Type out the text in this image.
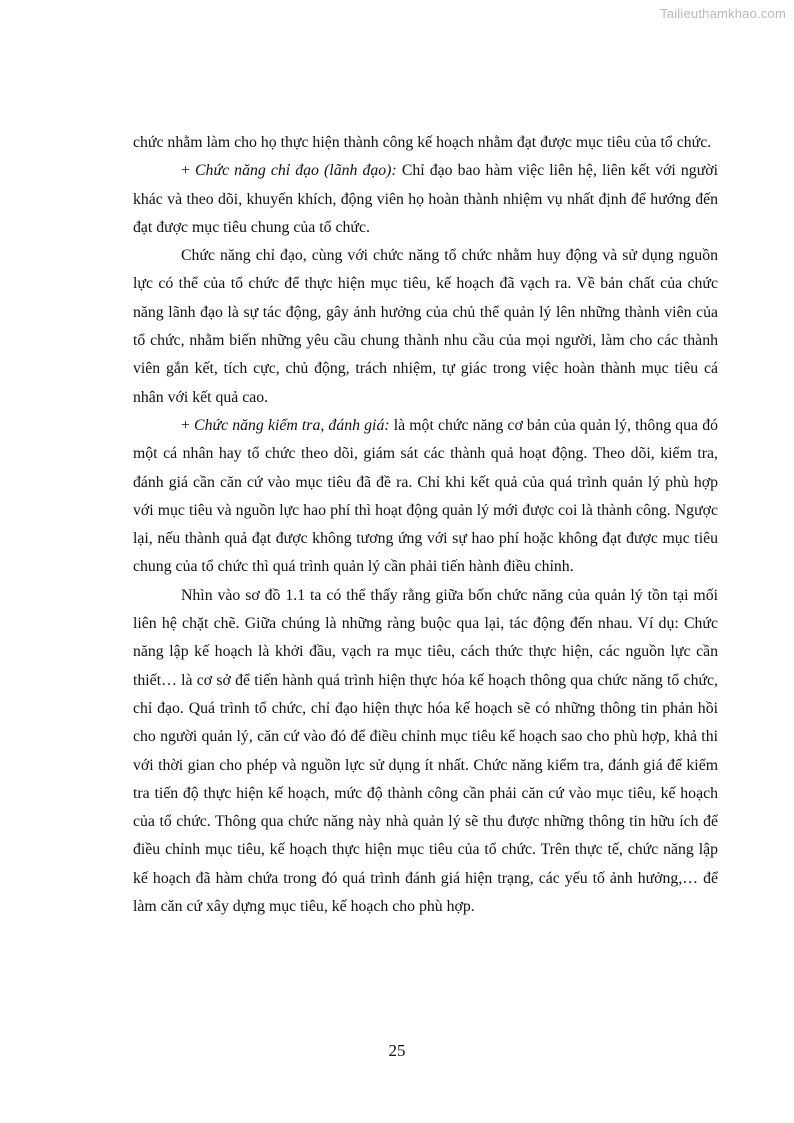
Tailieuthamkhao.com

chức nhằm làm cho họ thực hiện thành công kế hoạch nhằm đạt được mục tiêu của tổ chức.

+ Chức năng chỉ đạo (lãnh đạo): Chỉ đạo bao hàm việc liên hệ, liên kết với người khác và theo dõi, khuyến khích, động viên họ hoàn thành nhiệm vụ nhất định để hướng đến đạt được mục tiêu chung của tổ chức.

Chức năng chỉ đạo, cùng với chức năng tổ chức nhằm huy động và sử dụng nguồn lực có thể của tổ chức để thực hiện mục tiêu, kế hoạch đã vạch ra. Về bản chất của chức năng lãnh đạo là sự tác động, gây ảnh hưởng của chủ thể quản lý lên những thành viên của tổ chức, nhằm biến những yêu cầu chung thành nhu cầu của mọi người, làm cho các thành viên gắn kết, tích cực, chủ động, trách nhiệm, tự giác trong việc hoàn thành mục tiêu cá nhân với kết quả cao.

+ Chức năng kiểm tra, đánh giá: là một chức năng cơ bản của quản lý, thông qua đó một cá nhân hay tổ chức theo dõi, giám sát các thành quả hoạt động. Theo dõi, kiểm tra, đánh giá cần căn cứ vào mục tiêu đã đề ra. Chỉ khi kết quả của quá trình quản lý phù hợp với mục tiêu và nguồn lực hao phí thì hoạt động quản lý mới được coi là thành công. Ngược lại, nếu thành quả đạt được không tương ứng với sự hao phí hoặc không đạt được mục tiêu chung của tổ chức thì quá trình quản lý cần phải tiến hành điều chỉnh.

Nhìn vào sơ đồ 1.1 ta có thể thấy rằng giữa bốn chức năng của quản lý tồn tại mối liên hệ chặt chẽ. Giữa chúng là những ràng buộc qua lại, tác động đến nhau. Ví dụ: Chức năng lập kế hoạch là khởi đầu, vạch ra mục tiêu, cách thức thực hiện, các nguồn lực cần thiết… là cơ sở để tiến hành quá trình hiện thực hóa kế hoạch thông qua chức năng tổ chức, chỉ đạo. Quá trình tổ chức, chỉ đạo hiện thực hóa kế hoạch sẽ có những thông tin phản hồi cho người quản lý, căn cứ vào đó để điều chỉnh mục tiêu kế hoạch sao cho phù hợp, khả thi với thời gian cho phép và nguồn lực sử dụng ít nhất. Chức năng kiểm tra, đánh giá để kiểm tra tiến độ thực hiện kế hoạch, mức độ thành công cần phải căn cứ vào mục tiêu, kế hoạch của tổ chức. Thông qua chức năng này nhà quản lý sẽ thu được những thông tin hữu ích để điều chỉnh mục tiêu, kế hoạch thực hiện mục tiêu của tổ chức. Trên thực tế, chức năng lập kế hoạch đã hàm chứa trong đó quá trình đánh giá hiện trạng, các yếu tố ảnh hưởng,… để làm căn cứ xây dựng mục tiêu, kế hoạch cho phù hợp.

25
